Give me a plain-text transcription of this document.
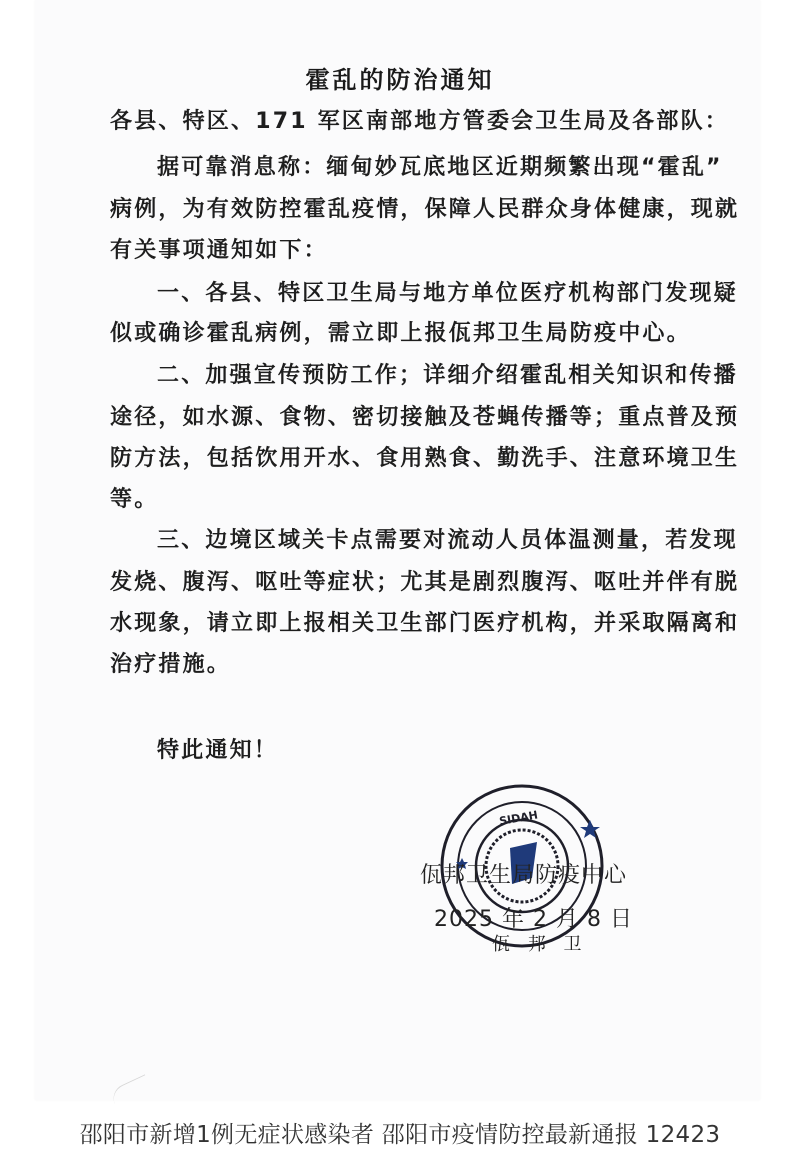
霍乱的防治通知
各县、特区、171 军区南部地方管委会卫生局及各部队：
据可靠消息称：缅甸妙瓦底地区近期频繁出现“霍乱”
病例，为有效防控霍乱疫情，保障人民群众身体健康，现就
有关事项通知如下：
一、各县、特区卫生局与地方单位医疗机构部门发现疑
似或确诊霍乱病例，需立即上报佤邦卫生局防疫中心。
二、加强宣传预防工作；详细介绍霍乱相关知识和传播
途径，如水源、食物、密切接触及苍蝇传播等；重点普及预
防方法，包括饮用开水、食用熟食、勤洗手、注意环境卫生
等。
三、边境区域关卡点需要对流动人员体温测量，若发现
发烧、腹泻、呕吐等症状；尤其是剧烈腹泻、呕吐并伴有脱
水现象，请立即上报相关卫生部门医疗机构，并采取隔离和
治疗措施。
特此通知！
SIDAH
佤邦卫生局防疫中心
2025 年 2 月 8 日
佤 邦 卫
邵阳市新增1例无症状感染者 邵阳市疫情防控最新通报 12423
